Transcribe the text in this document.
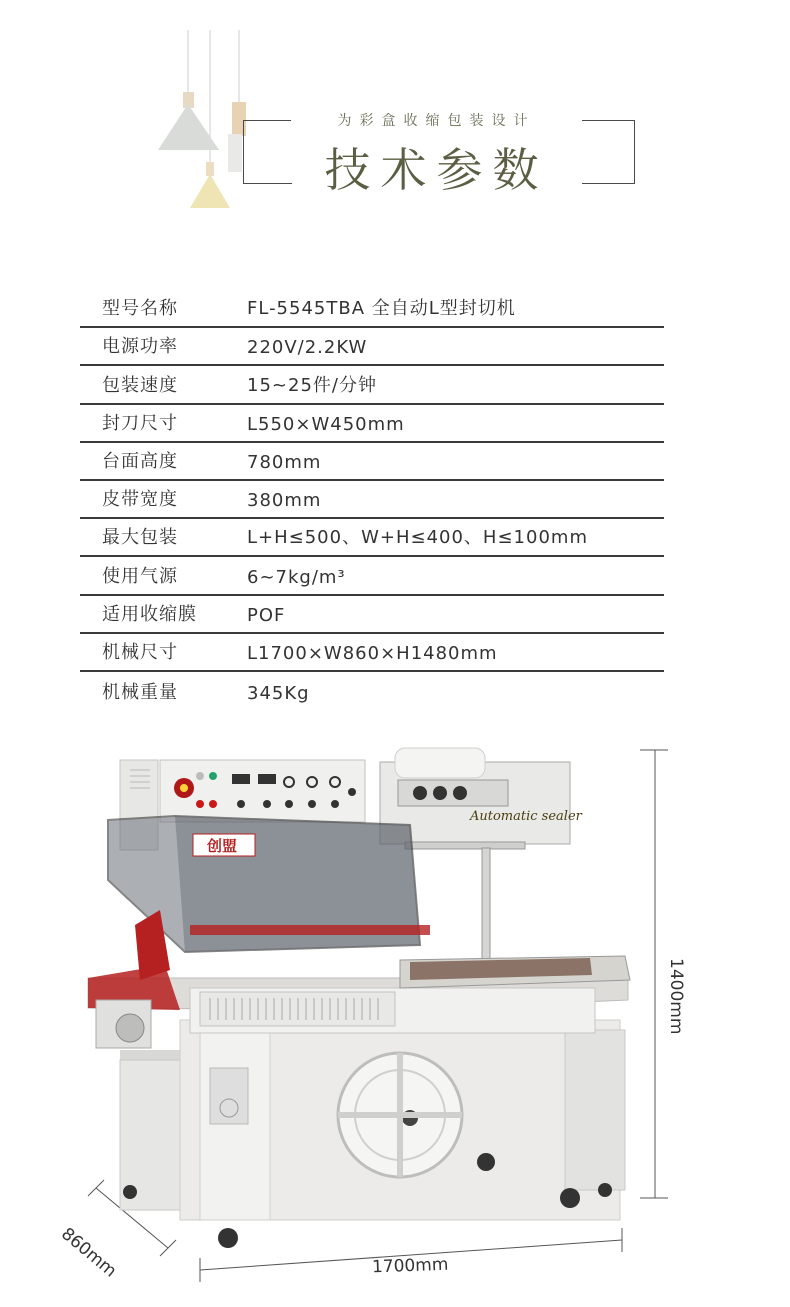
为彩盒收缩包装设计
技术参数
型号名称	FL-5545TBA 全自动L型封切机
电源功率	220V/2.2KW
包装速度	15~25件/分钟
封刀尺寸	L550×W450mm
台面高度	780mm
皮带宽度	380mm
最大包装	L+H≤500、W+H≤400、H≤100mm
使用气源	6~7kg/m³
适用收缩膜	POF
机械尺寸	L1700×W860×H1480mm
机械重量	345Kg
Automatic sealer
创盟
1400mm
1700mm
860mm
